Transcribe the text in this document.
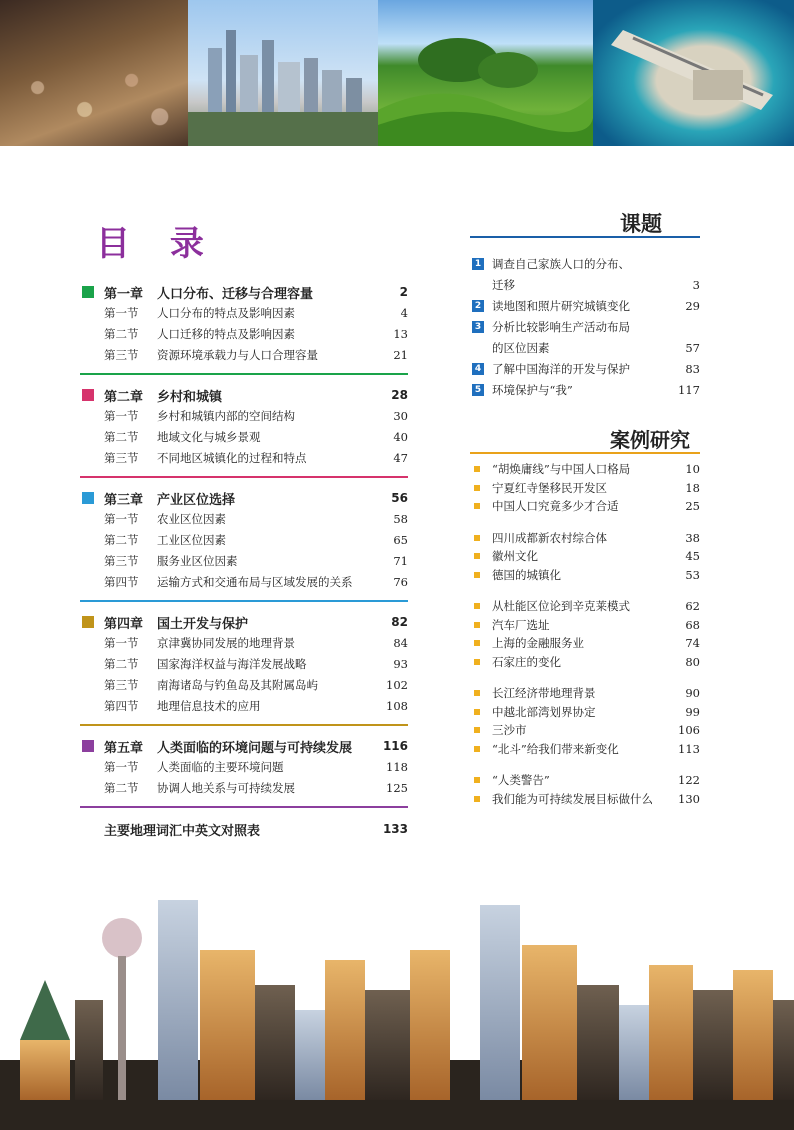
目 录
第一章 人口分布、迁移与合理容量	2
第一节	人口分布的特点及影响因素	4
第二节	人口迁移的特点及影响因素	13
第三节	资源环境承载力与人口合理容量	21
第二章 乡村和城镇	28
第一节	乡村和城镇内部的空间结构	30
第二节	地域文化与城乡景观	40
第三节	不同地区城镇化的过程和特点	47
第三章 产业区位选择	56
第一节	农业区位因素	58
第二节	工业区位因素	65
第三节	服务业区位因素	71
第四节	运输方式和交通布局与区域发展的关系	76
第四章 国土开发与保护	82
第一节	京津冀协同发展的地理背景	84
第二节	国家海洋权益与海洋发展战略	93
第三节	南海诸岛与钓鱼岛及其附属岛屿	102
第四节	地理信息技术的应用	108
第五章 人类面临的环境问题与可持续发展	116
第一节	人类面临的主要环境问题	118
第二节	协调人地关系与可持续发展	125
主要地理词汇中英文对照表	133
课题
1 调查自己家族人口的分布、
迁移	3
2 读地图和照片研究城镇变化	29
3 分析比较影响生产活动布局
的区位因素	57
4 了解中国海洋的开发与保护	83
5 环境保护与“我”	117
案例研究
“胡焕庸线”与中国人口格局	10
宁夏红寺堡移民开发区	18
中国人口究竟多少才合适	25
四川成都新农村综合体	38
徽州文化	45
德国的城镇化	53
从杜能区位论到辛克莱模式	62
汽车厂选址	68
上海的金融服务业	74
石家庄的变化	80
长江经济带地理背景	90
中越北部湾划界协定	99
三沙市	106
“北斗”给我们带来新变化	113
“人类警告”	122
我们能为可持续发展目标做什么	130
